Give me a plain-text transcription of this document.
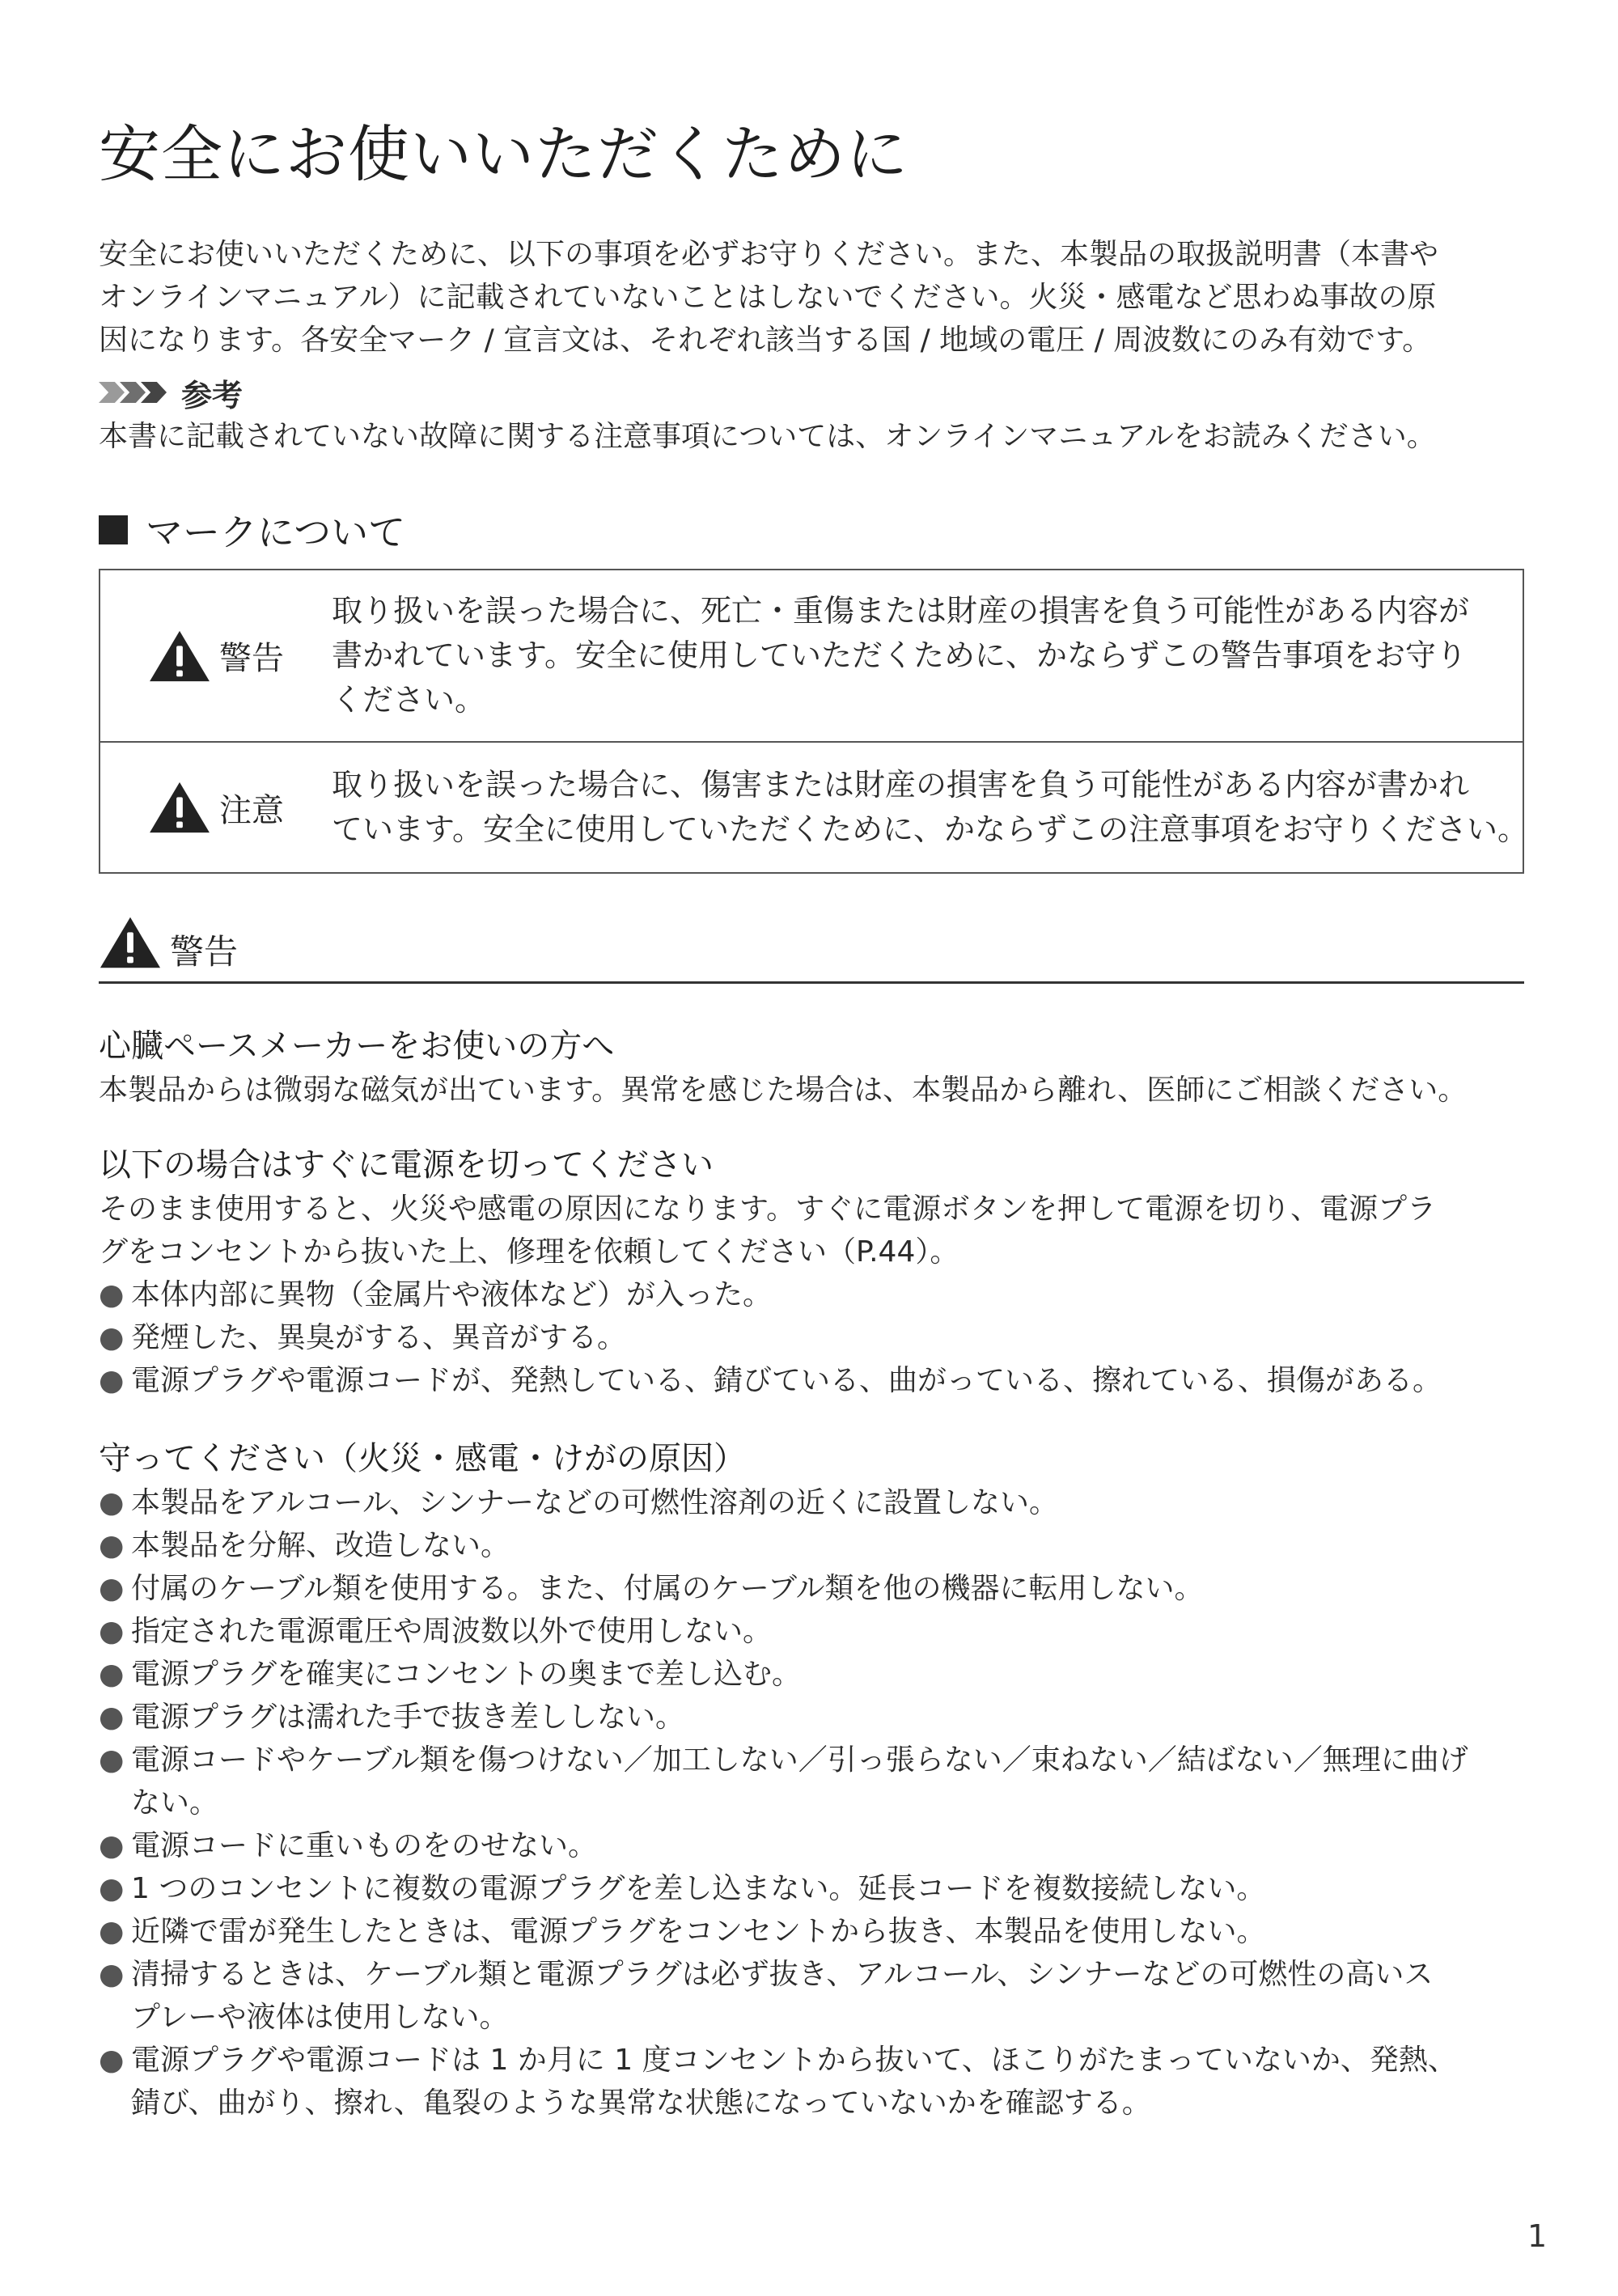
安全にお使いいただくために
安全にお使いいただくために、以下の事項を必ずお守りください。また、本製品の取扱説明書（本書や
オンラインマニュアル）に記載されていないことはしないでください。火災・感電など思わぬ事故の原
因になります。各安全マーク / 宣言文は、それぞれ該当する国 / 地域の電圧 / 周波数にのみ有効です。
参考
本書に記載されていない故障に関する注意事項については、オンラインマニュアルをお読みください。
マークについて
警告
取り扱いを誤った場合に、死亡・重傷または財産の損害を負う可能性がある内容が
書かれています。安全に使用していただくために、かならずこの警告事項をお守り
ください。
注意
取り扱いを誤った場合に、傷害または財産の損害を負う可能性がある内容が書かれ
ています。安全に使用していただくために、かならずこの注意事項をお守りください。
警告
心臓ペースメーカーをお使いの方へ

本製品からは微弱な磁気が出ています。異常を感じた場合は、本製品から離れ、医師にご相談ください。

以下の場合はすぐに電源を切ってください

そのまま使用すると、火災や感電の原因になります。すぐに電源ボタンを押して電源を切り、電源プラ

グをコンセントから抜いた上、修理を依頼してください（P.44）。

● 本体内部に異物（金属片や液体など）が入った。
● 発煙した、異臭がする、異音がする。
● 電源プラグや電源コードが、発熱している、錆びている、曲がっている、擦れている、損傷がある。
守ってください（火災・感電・けがの原因）
● 本製品をアルコール、シンナーなどの可燃性溶剤の近くに設置しない。
● 本製品を分解、改造しない。
● 付属のケーブル類を使用する。また、付属のケーブル類を他の機器に転用しない。
● 指定された電源電圧や周波数以外で使用しない。
● 電源プラグを確実にコンセントの奥まで差し込む。
● 電源プラグは濡れた手で抜き差ししない。
● 電源コードやケーブル類を傷つけない／加工しない／引っ張らない／束ねない／結ばない／無理に曲げ
ない。
● 電源コードに重いものをのせない。
● 1 つのコンセントに複数の電源プラグを差し込まない。延長コードを複数接続しない。
● 近隣で雷が発生したときは、電源プラグをコンセントから抜き、本製品を使用しない。
● 清掃するときは、ケーブル類と電源プラグは必ず抜き、アルコール、シンナーなどの可燃性の高いス
プレーや液体は使用しない。
● 電源プラグや電源コードは 1 か月に 1 度コンセントから抜いて、ほこりがたまっていないか、発熱、
錆び、曲がり、擦れ、亀裂のような異常な状態になっていないかを確認する。
1
